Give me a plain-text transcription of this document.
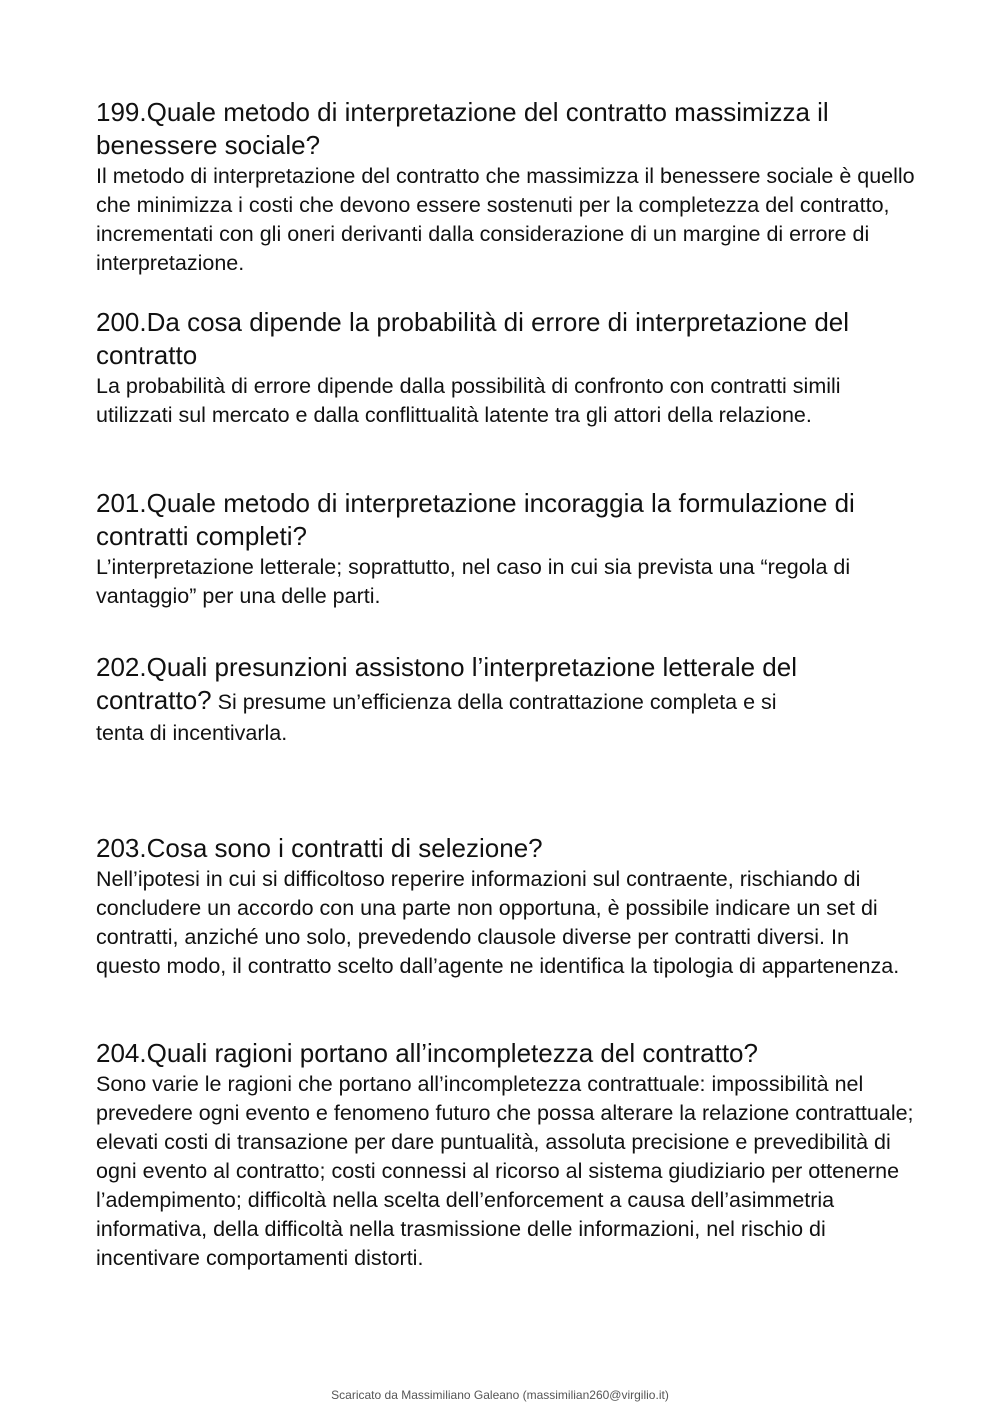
199.Quale metodo di interpretazione del contratto massimizza il benessere sociale?

Il metodo di interpretazione del contratto che massimizza il benessere sociale è quello che minimizza i costi che devono essere sostenuti per la completezza del contratto, incrementati con gli oneri derivanti dalla considerazione di un margine di errore di interpretazione.

200.Da cosa dipende la probabilità di errore di interpretazione del contratto

La probabilità di errore dipende dalla possibilità di confronto con contratti simili utilizzati sul mercato e dalla conflittualità latente tra gli attori della relazione.

201.Quale metodo di interpretazione incoraggia la formulazione di contratti completi?

L’interpretazione letterale; soprattutto, nel caso in cui sia prevista una “regola di vantaggio” per una delle parti.

202.Quali presunzioni assistono l’interpretazione letterale del

contratto? Si presume un’efficienza della contrattazione completa e si

tenta di incentivarla.

203.Cosa sono i contratti di selezione?

Nell’ipotesi in cui si difficoltoso reperire informazioni sul contraente, rischiando di concludere un accordo con una parte non opportuna, è possibile indicare un set di contratti, anziché uno solo, prevedendo clausole diverse per contratti diversi. In questo modo, il contratto scelto dall’agente ne identifica la tipologia di appartenenza.

204.Quali ragioni portano all’incompletezza del contratto?

Sono varie le ragioni che portano all’incompletezza contrattuale: impossibilità nel prevedere ogni evento e fenomeno futuro che possa alterare la relazione contrattuale; elevati costi di transazione per dare puntualità, assoluta precisione e prevedibilità di ogni evento al contratto; costi connessi al ricorso al sistema giudiziario per ottenerne l’adempimento; difficoltà nella scelta dell’enforcement a causa dell’asimmetria informativa, della difficoltà nella trasmissione delle informazioni, nel rischio di incentivare comportamenti distorti.

Scaricato da Massimiliano Galeano (massimilian260@virgilio.it)
